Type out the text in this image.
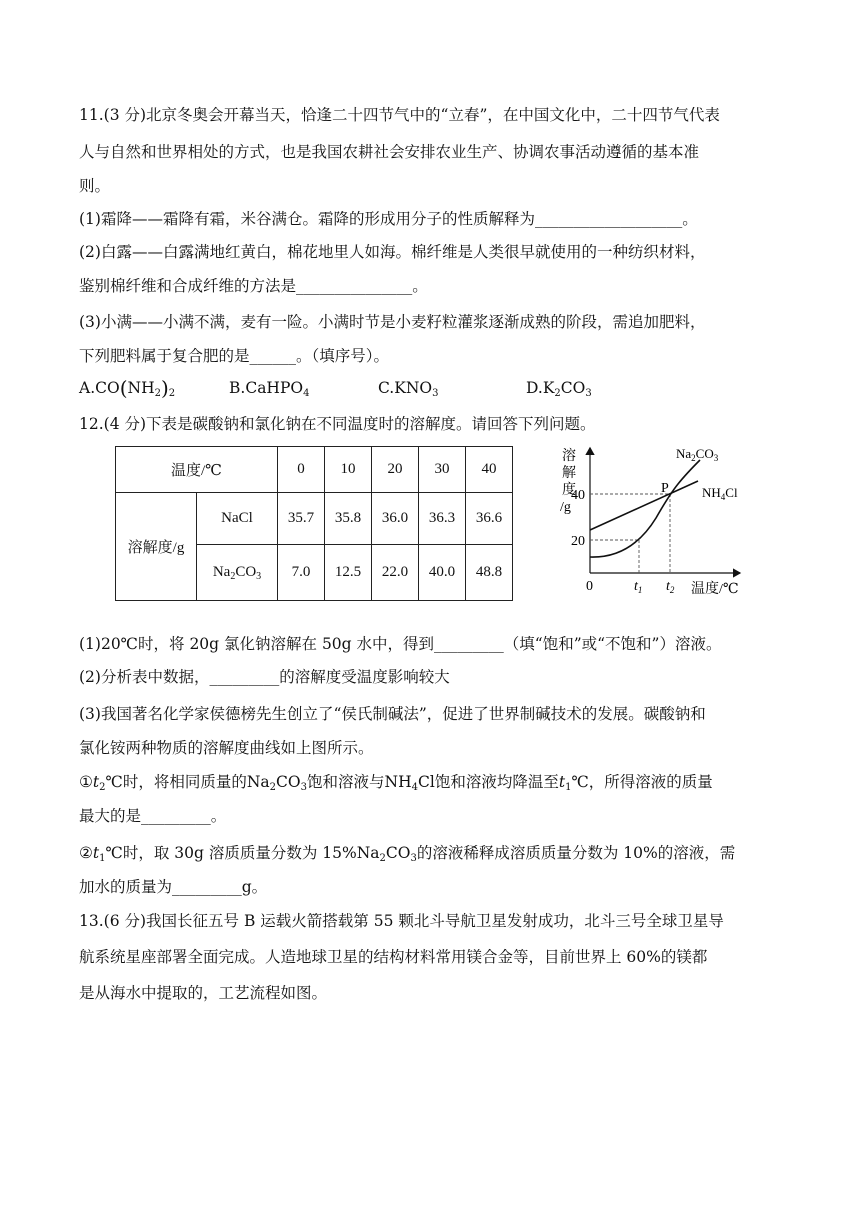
11.(3 分)北京冬奥会开幕当天，恰逢二十四节气中的“立春”，在中国文化中，二十四节气代表
人与自然和世界相处的方式，也是我国农耕社会安排农业生产、协调农事活动遵循的基本准
则。
(1)霜降——霜降有霜，米谷满仓。霜降的形成用分子的性质解释为___________________。
(2)白露——白露满地红黄白，棉花地里人如海。棉纤维是人类很早就使用的一种纺织材料，
鉴别棉纤维和合成纤维的方法是_______________。
(3)小满——小满不满，麦有一险。小满时节是小麦籽粒灌浆逐渐成熟的阶段，需追加肥料，
下列肥料属于复合肥的是______。（填序号）。
$A.CO(NH_2)_2$	B.CaHPO$_4$	$C.KNO_3$	$D.K_2CO_3$
12.(4 分)下表是碳酸钠和氯化钠在不同温度时的溶解度。请回答下列问题。
温度/℃		0	10	20	30	40
溶解度/g	NaCl	35.7	35.8	36.0	36.3	36.6
	$Na_2CO_3$	7.0	12.5	22.0	40.0	48.8
溶
解
度
/g
40
20
0	$t_1$ $t_2$ 温度/℃
P
$Na_2CO_3$
$NH_4Cl$
(1)20℃时，将 20g 氯化钠溶解在 50g 水中，得到_________（填“饱和”或“不饱和”）溶液。
(2)分析表中数据，_________的溶解度受温度影响较大
(3)我国著名化学家侯德榜先生创立了“侯氏制碱法”，促进了世界制碱技术的发展。碳酸钠和
氯化铵两种物质的溶解度曲线如上图所示。
$①t_2℃$时，将相同质量的$Na_2CO_3$饱和溶液与$NH_4Cl$饱和溶液均降温至$t_1℃$，所得溶液的质量
最大的是_________。
$②t_1℃$时，取 30g 溶质质量分数为 $15\%Na_2CO_3$的溶液稀释成溶质质量分数为 10%的溶液，需
加水的质量为_________g。
13.(6 分)我国长征五号 B 运载火箭搭载第 55 颗北斗导航卫星发射成功，北斗三号全球卫星导
航系统星座部署全面完成。人造地球卫星的结构材料常用镁合金等，目前世界上 60%的镁都
是从海水中提取的，工艺流程如图。
